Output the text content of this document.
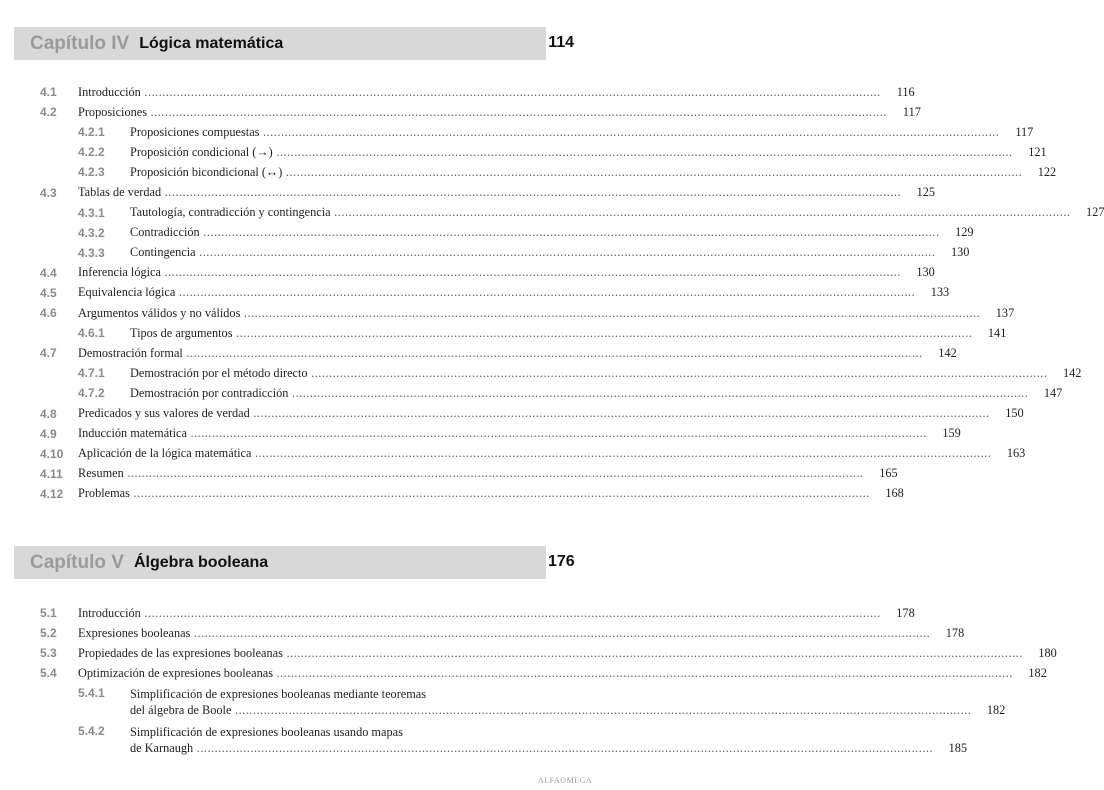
Capítulo IV Lógica matemática	114
4.1	Introducción .....	116
4.2	Proposiciones .....	117
4.2.1	Proposiciones compuestas .....	117
4.2.2	Proposición condicional (→) .....	121
4.2.3	Proposición bicondicional (↔) .....	122
4.3	Tablas de verdad .....	125
4.3.1	Tautología, contradicción y contingencia .....	127
4.3.2	Contradicción .....	129
4.3.3	Contingencia .....	130
4.4	Inferencia lógica .....	130
4.5	Equivalencia lógica .....	133
4.6	Argumentos válidos y no válidos .....	137
4.6.1	Tipos de argumentos .....	141
4.7	Demostración formal .....	142
4.7.1	Demostración por el método directo .....	142
4.7.2	Demostración por contradicción .....	147
4.8	Predicados y sus valores de verdad .....	150
4.9	Inducción matemática .....	159
4.10	Aplicación de la lógica matemática .....	163
4.11	Resumen .....	165
4.12	Problemas .....	168
Capítulo V Álgebra booleana	176
5.1	Introducción .....	178
5.2	Expresiones booleanas .....	178
5.3	Propiedades de las expresiones booleanas .....	180
5.4	Optimización de expresiones booleanas .....	182
5.4.1	Simplificación de expresiones booleanas mediante teoremas
del álgebra de Boole .....	182
5.4.2	Simplificación de expresiones booleanas usando mapas
de Karnaugh .....	185
ALFAOMEGA
